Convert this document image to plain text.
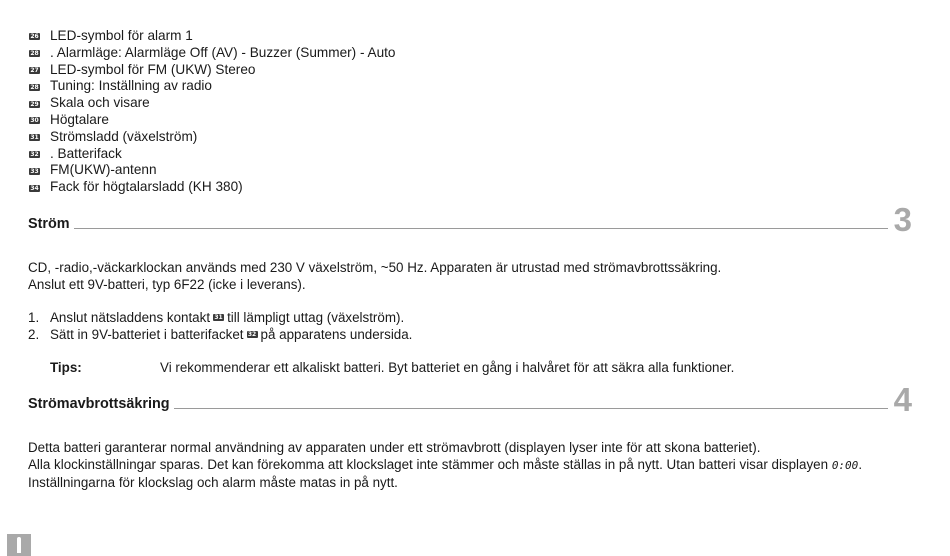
26 LED-symbol för alarm 1
28 . Alarmläge: Alarmläge Off (AV) - Buzzer (Summer) - Auto
27 LED-symbol för FM (UKW) Stereo
28 Tuning: Inställning av radio
29 Skala och visare
30 Högtalare
31 Strömsladd (växelström)
32 . Batterifack
33 FM(UKW)-antenn
34 Fack för högtalarsladd (KH 380)
Ström	3
CD, -radio,-väckarklockan används med 230 V växelström, ~50 Hz. Apparaten är utrustad med strömavbrottssäkring.
Anslut ett 9V-batteri, typ 6F22 (icke i leverans).
1. Anslut nätsladdens kontakt 31 till lämpligt uttag (växelström).
2. Sätt in 9V-batteriet i batterifacket 32 på apparatens undersida.
Tips:	Vi rekommenderar ett alkaliskt batteri. Byt batteriet en gång i halvåret för att säkra alla funktioner.
Strömavbrottsäkring	4
Detta batteri garanterar normal användning av apparaten under ett strömavbrott (displayen lyser inte för att skona batteriet).
Alla klockinställningar sparas. Det kan förekomma att klockslaget inte stämmer och måste ställas in på nytt. Utan batteri visar displayen 0:00.
Inställningarna för klockslag och alarm måste matas in på nytt.
